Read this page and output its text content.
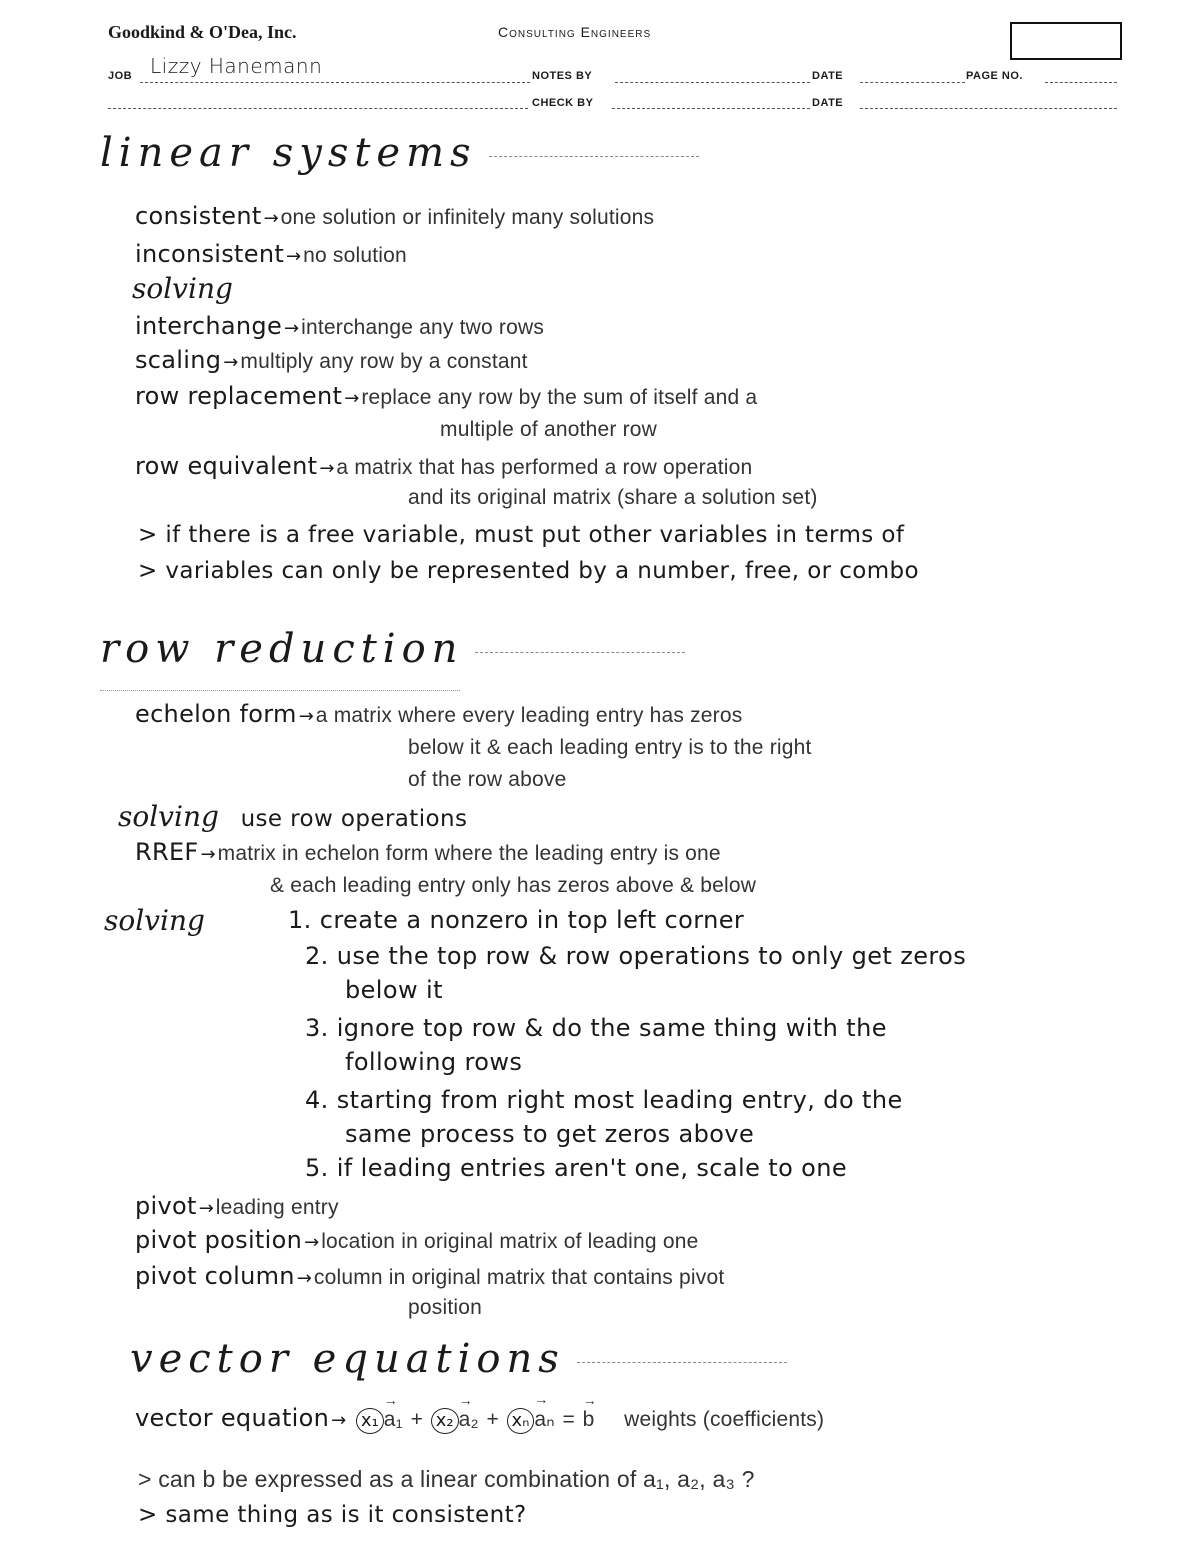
Goodkind & O'Dea, Inc.	Consulting Engineers
JOB Lizzy Hanemann	NOTES BY	DATE	PAGE NO.
CHECK BY	DATE
linear systems
consistent →one solution or infinitely many solutions
inconsistent →no solution
solving
interchange →interchange any two rows
scaling →multiply any row by a constant
row replacement →replace any row by the sum of itself and a
multiple of another row
row equivalent →a matrix that has performed a row operation
and its original matrix (share a solution set)
> if there is a free variable, must put other variables in terms of
> variables can only be represented by a number, free, or combo
row reduction
echelon form →a matrix where every leading entry has zeros
below it & each leading entry is to the right
of the row above
solving use row operations
RREF →matrix in echelon form where the leading entry is one
& each leading entry only has zeros above & below
solving	1. create a nonzero in top left corner
2. use the top row & row operations to only get zeros
below it
3. ignore top row & do the same thing with the
following rows
4. starting from right most leading entry, do the
same process to get zeros above
5. if leading entries aren't one, scale to one
pivot →leading entry
pivot position →location in original matrix of leading one
pivot column →column in original matrix that contains pivot
position
vector equations
vector equation → x₁ → a₁ + x₂ → a₂ + xₙ → aₙ = → b weights (coefficients)
> can b be expressed as a linear combination of a₁, a₂, a₃ ?
> same thing as is it consistent?
